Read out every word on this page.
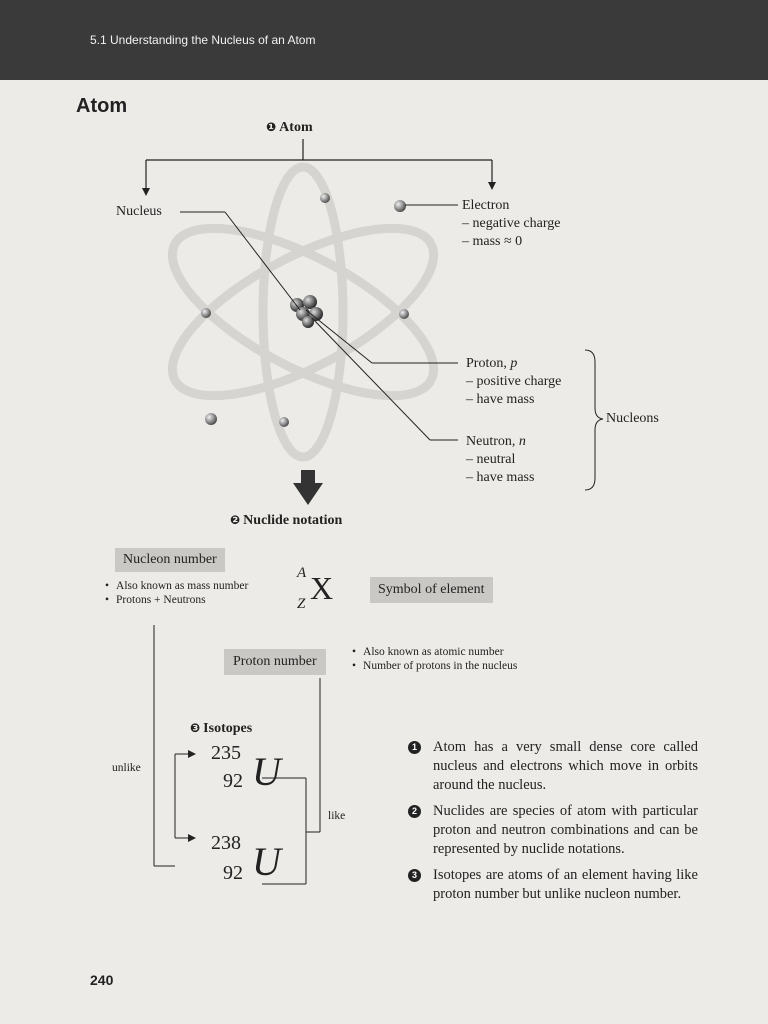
5.1 Understanding the Nucleus of an Atom
Atom
❶ Atom
Nucleus	Electron
– negative charge
– mass ≈ 0
Proton, p
– positive charge
– have mass
Neutron, n
– neutral
– have mass
Nucleons
❷ Nuclide notation
Nucleon number
• Also known as mass number
• Protons + Neutrons
A
Z X	Symbol of element
Proton number
• Also known as atomic number
• Number of protons in the nucleus
❸ Isotopes
unlike
like
235
92 U
238
92 U
1 Atom has a very small dense core called nucleus and electrons which move in orbits around the nucleus.
2 Nuclides are species of atom with particular proton and neutron combinations and can be represented by nuclide notations.
3 Isotopes are atoms of an element having like proton number but unlike nucleon number.
240
